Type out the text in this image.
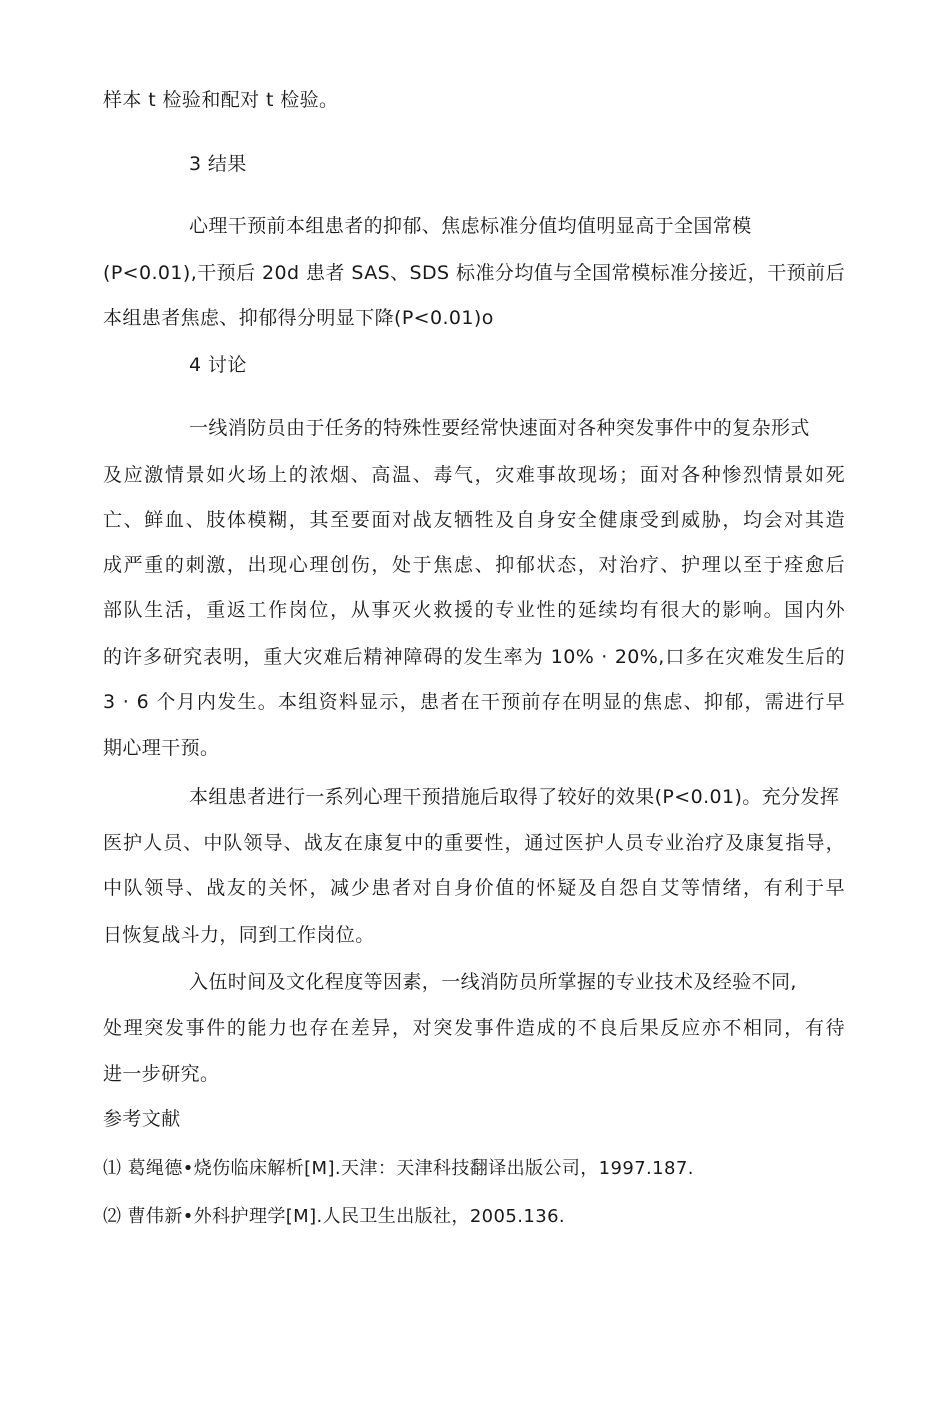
样本 t 检验和配对 t 检验。
3 结果
心理干预前本组患者的抑郁、焦虑标准分值均值明显高于全国常模
(P<0.01),干预后 20d 患者 SAS、SDS 标准分均值与全国常模标准分接近，干预前后
本组患者焦虑、抑郁得分明显下降(P<0.01)o
4 讨论
一线消防员由于任务的特殊性要经常快速面对各种突发事件中的复杂形式
及应激情景如火场上的浓烟、高温、毒气，灾难事故现场；面对各种惨烈情景如死
亡、鲜血、肢体模糊，其至要面对战友牺牲及自身安全健康受到威胁，均会对其造
成严重的刺激，出现心理创伤，处于焦虑、抑郁状态，对治疗、护理以至于痊愈后
部队生活，重返工作岗位，从事灭火救援的专业性的延续均有很大的影响。国内外
的许多研究表明，重大灾难后精神障碍的发生率为 10% · 20%,口多在灾难发生后的
3 · 6 个月内发生。本组资料显示，患者在干预前存在明显的焦虑、抑郁，需进行早
期心理干预。
本组患者进行一系列心理干预措施后取得了较好的效果(P<0.01)。充分发挥
医护人员、中队领导、战友在康复中的重要性，通过医护人员专业治疗及康复指导，
中队领导、战友的关怀，减少患者对自身价值的怀疑及自怨自艾等情绪，有利于早
日恢复战斗力，同到工作岗位。
入伍时间及文化程度等因素，一线消防员所掌握的专业技术及经验不同,
处理突发事件的能力也存在差异，对突发事件造成的不良后果反应亦不相同，有待
进一步研究。
参考文献
⑴ 葛绳德•烧伤临床解析[M].天津：天津科技翻译出版公司，1997.187.
⑵ 曹伟新•外科护理学[M].人民卫生出版社，2005.136.
